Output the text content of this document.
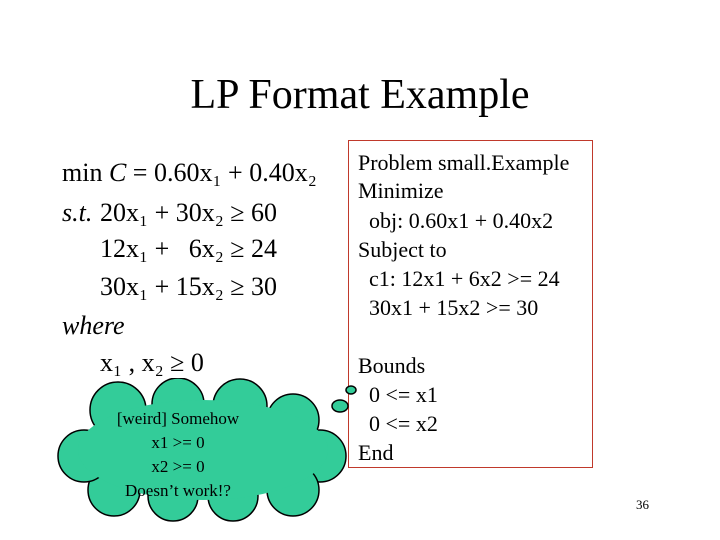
LP Format Example
min C = 0.60x₁ + 0.40x₂
s.t. 20x₁ + 30x₂ ≥ 60
12x₁ +   6x₂ ≥ 24
30x₁ + 15x₂ ≥ 30
where
x₁ , x₂ ≥ 0
Problem small.Example
Minimize
obj: 0.60x1 + 0.40x2
Subject to
c1: 12x1 + 6x2 >= 24
30x1 + 15x2 >= 30
Bounds
0 <= x1
0 <= x2
End
[weird] Somehow
x1 >= 0
x2 >= 0
Doesn’t work!?
36
